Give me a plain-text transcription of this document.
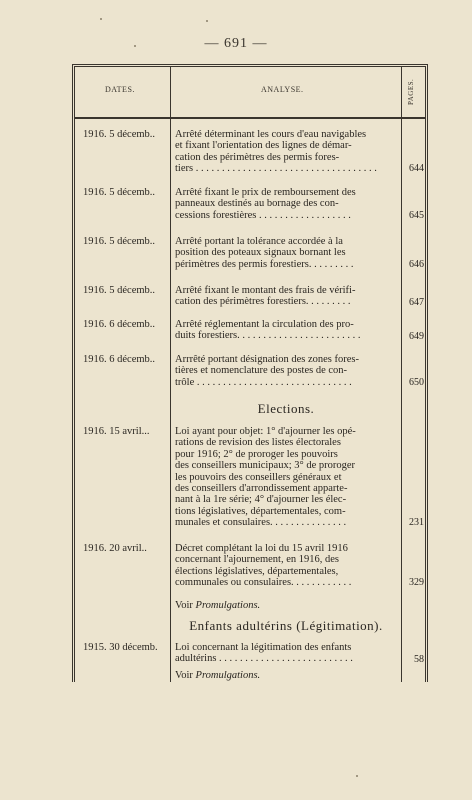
— 691 —
DATES.	ANALYSE.	PAGES.
1916. 5 décemb.. Arrêté déterminant les cours d'eau navigables
et fixant l'orientation des lignes de démar-
cation des périmètres des permis fores-
tiers . . . . . . . . . . . . . . . . . . . . . . . . . . . . . . . . . . .	644
1916. 5 décemb.. Arrêté fixant le prix de remboursement des
panneaux destinés au bornage des con-
cessions forestières . . . . . . . . . . . . . . . . . .	645
1916. 5 décemb.. Arrêté portant la tolérance accordée à la
position des poteaux signaux bornant les
périmètres des permis forestiers. . . . . . . . .	646
1916. 5 décemb.. Arrêté fixant le montant des frais de vérifi-
cation des périmètres forestiers. . . . . . . . .	647
1916. 6 décemb.. Arrêté réglementant la circulation des pro-
duits forestiers. . . . . . . . . . . . . . . . . . . . . . . .	649
1916. 6 décemb.. Arrrêté portant désignation des zones fores-
tières et nomenclature des postes de con-
trôle . . . . . . . . . . . . . . . . . . . . . . . . . . . . . .	650
Elections.
1916. 15 avril... Loi ayant pour objet: 1° d'ajourner les opé-
rations de revision des listes électorales
pour 1916; 2° de proroger les pouvoirs
des conseillers municipaux; 3° de proroger
les pouvoirs des conseillers généraux et
des conseillers d'arrondissement apparte-
nant à la 1re série; 4° d'ajourner les élec-
tions législatives, départementales, com-
munales et consulaires. . . . . . . . . . . . . . .	231
1916. 20 avril..	Décret complétant la loi du 15 avril 1916
concernant l'ajournement, en 1916, des
élections législatives, départementales,
communales ou consulaires. . . . . . . . . . . .	329
Voir Promulgations.
Enfants adultérins (Légitimation).
1915. 30 décemb. Loi concernant la légitimation des enfants
adultérins . . . . . . . . . . . . . . . . . . . . . . . . . .	58
Voir Promulgations.
